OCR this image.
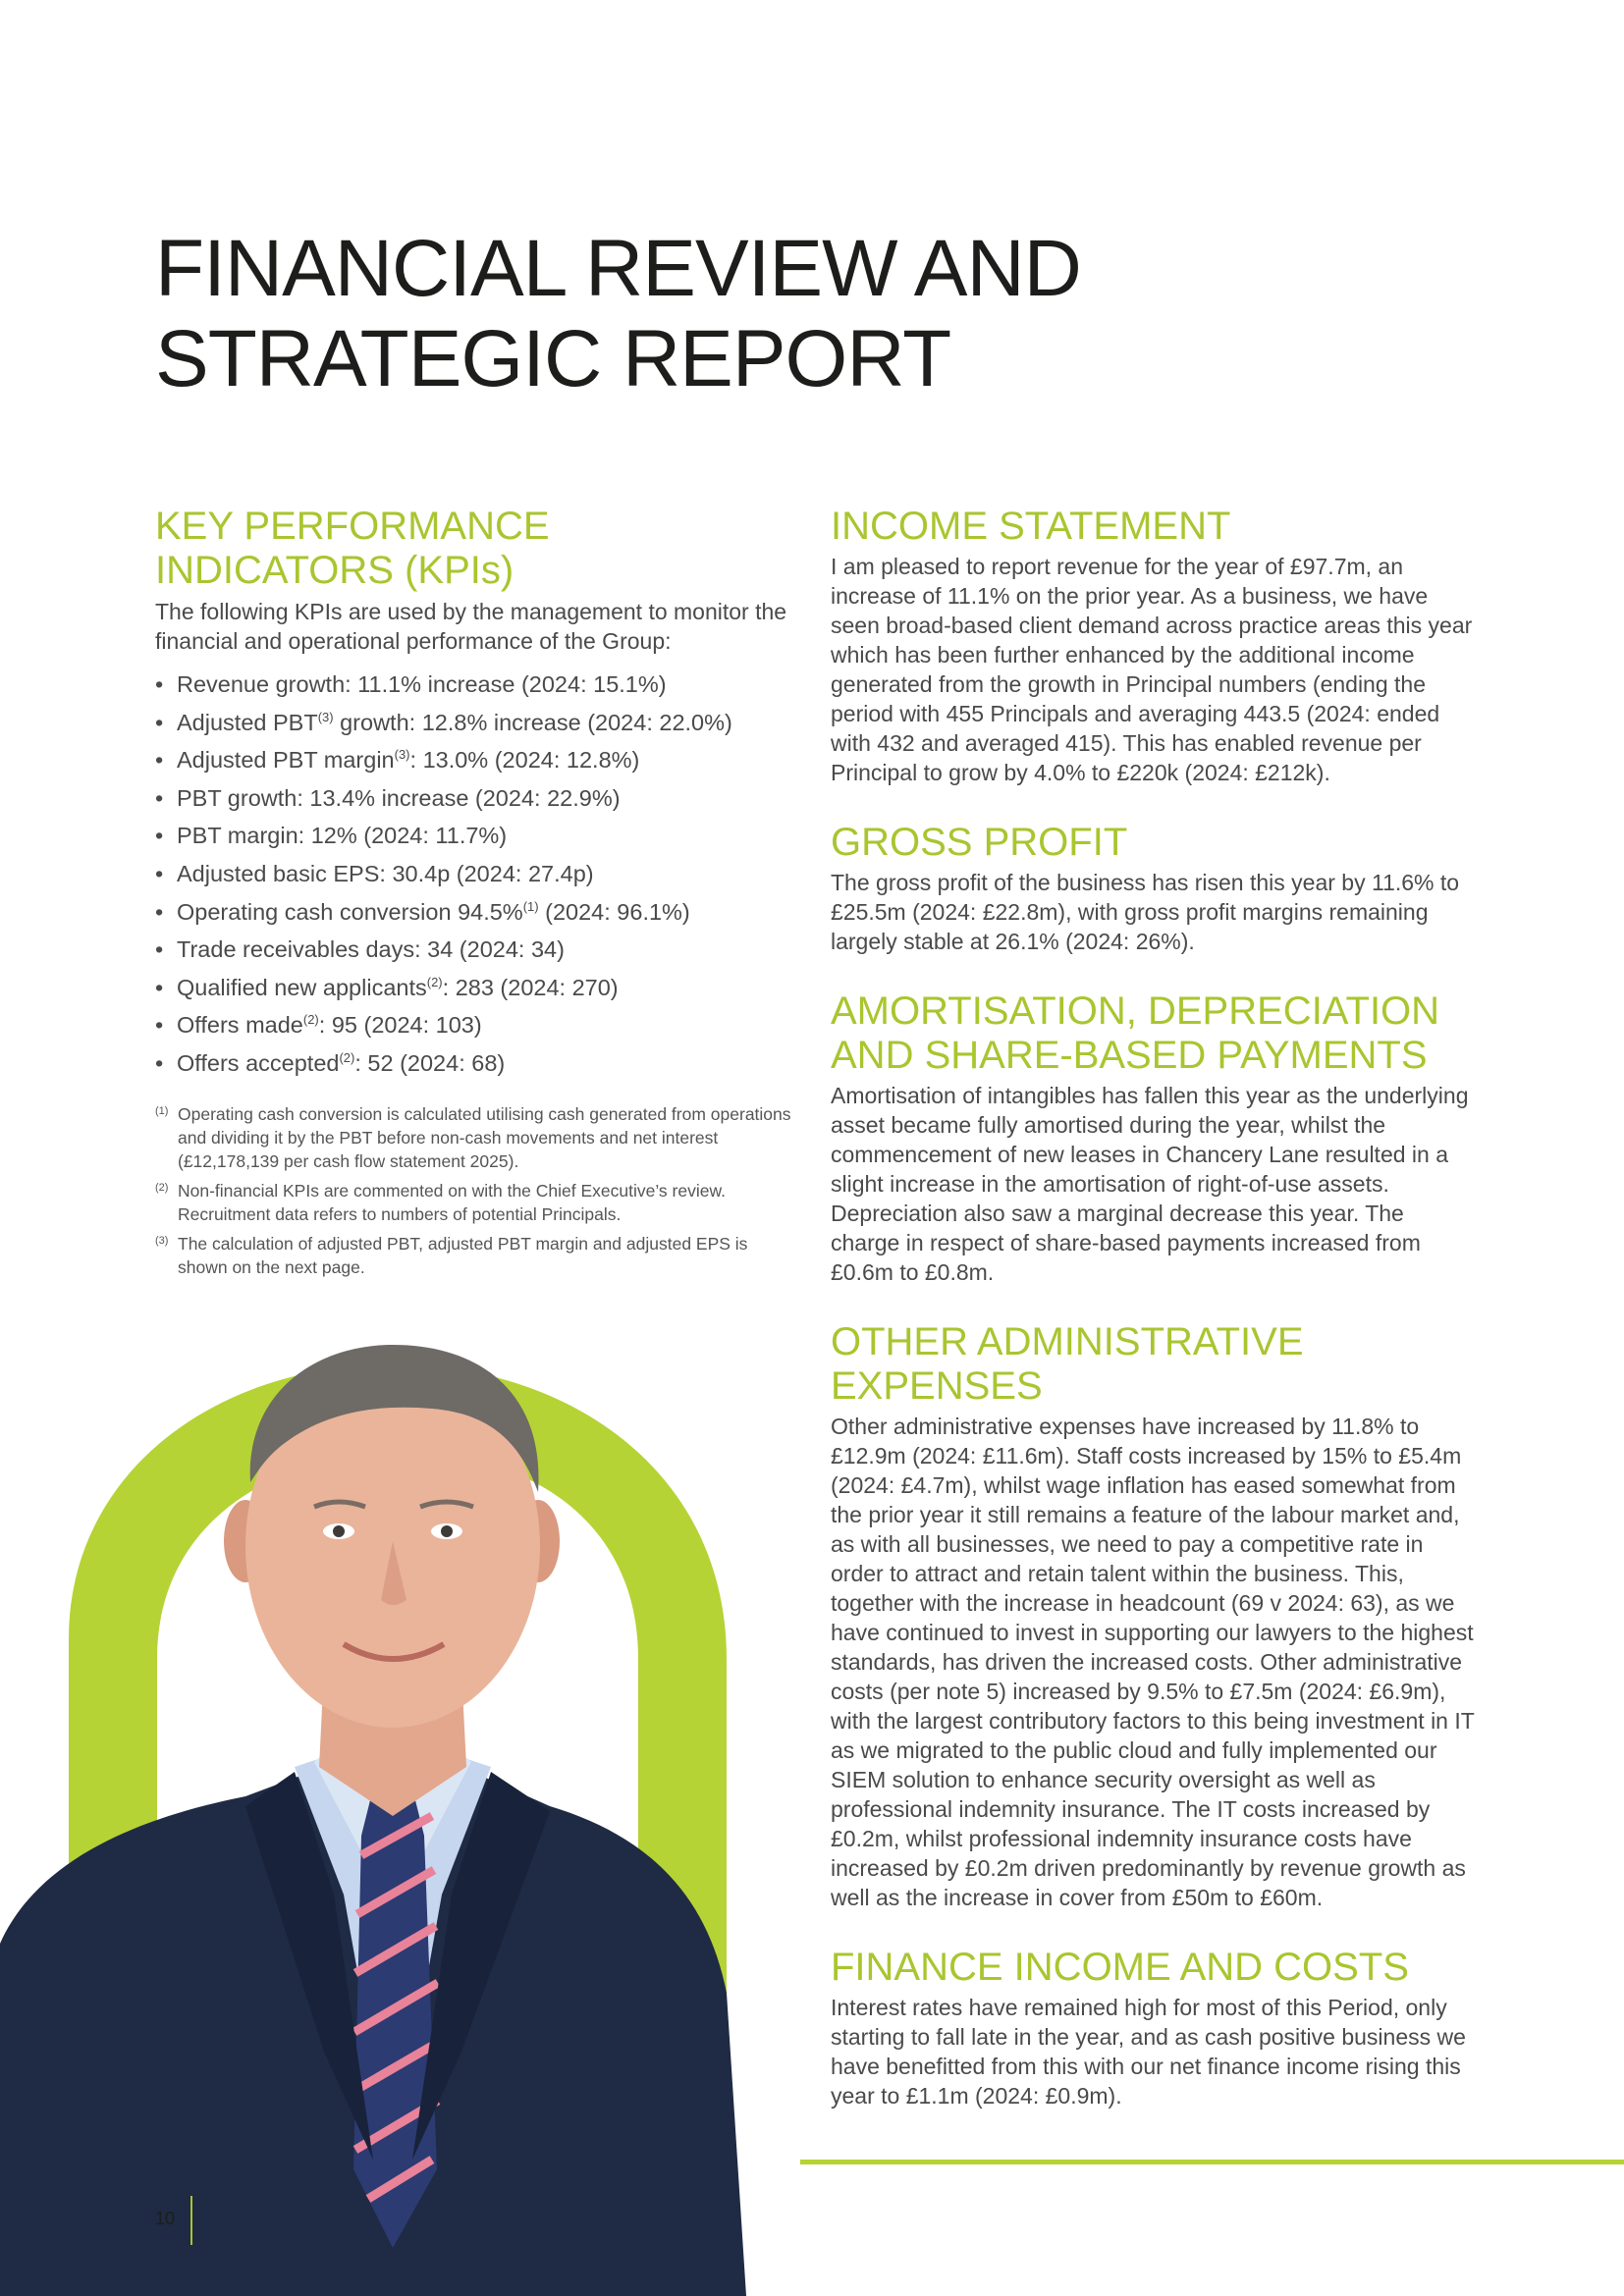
FINANCIAL REVIEW AND
STRATEGIC REPORT
KEY PERFORMANCE
INDICATORS (KPIs)

The following KPIs are used by the management to monitor the financial and operational performance of the Group:

• Revenue growth: 11.1% increase (2024: 15.1%)
• Adjusted PBT$^{(3)}$ growth: 12.8% increase (2024: 22.0%)
• Adjusted PBT margin$^{(3)}$: 13.0% (2024: 12.8%)
• PBT growth: 13.4% increase (2024: 22.9%)
• PBT margin: 12% (2024: 11.7%)
• Adjusted basic EPS: 30.4p (2024: 27.4p)
• Operating cash conversion 94.5%$^{(1)}$ (2024: 96.1%)
• Trade receivables days: 34 (2024: 34)
• Qualified new applicants$^{(2)}$: 283 (2024: 270)
• Offers made$^{(2)}$: 95 (2024: 103)
• Offers accepted$^{(2)}$: 52 (2024: 68)
(1) Operating cash conversion is calculated utilising cash generated from operations and dividing it by the PBT before non-cash movements and net interest (£12,178,139 per cash flow statement 2025).
(2) Non-financial KPIs are commented on with the Chief Executive’s review. Recruitment data refers to numbers of potential Principals.
(3) The calculation of adjusted PBT, adjusted PBT margin and adjusted EPS is shown on the next page.
INCOME STATEMENT

I am pleased to report revenue for the year of £97.7m, an increase of 11.1% on the prior year. As a business, we have seen broad-based client demand across practice areas this year which has been further enhanced by the additional income generated from the growth in Principal numbers (ending the period with 455 Principals and averaging 443.5 (2024: ended with 432 and averaged 415). This has enabled revenue per Principal to grow by 4.0% to £220k (2024: £212k).

GROSS PROFIT

The gross profit of the business has risen this year by 11.6% to £25.5m (2024: £22.8m), with gross profit margins remaining largely stable at 26.1% (2024: 26%).

AMORTISATION, DEPRECIATION
AND SHARE-BASED PAYMENTS

Amortisation of intangibles has fallen this year as the underlying asset became fully amortised during the year, whilst the commencement of new leases in Chancery Lane resulted in a slight increase in the amortisation of right-of-use assets. Depreciation also saw a marginal decrease this year. The charge in respect of share-based payments increased from £0.6m to £0.8m.

OTHER ADMINISTRATIVE
EXPENSES

Other administrative expenses have increased by 11.8% to £12.9m (2024: £11.6m). Staff costs increased by 15% to £5.4m (2024: £4.7m), whilst wage inflation has eased somewhat from the prior year it still remains a feature of the labour market and, as with all businesses, we need to pay a competitive rate in order to attract and retain talent within the business. This, together with the increase in headcount (69 v 2024: 63), as we have continued to invest in supporting our lawyers to the highest standards, has driven the increased costs. Other administrative costs (per note 5) increased by 9.5% to £7.5m (2024: £6.9m), with the largest contributory factors to this being investment in IT as we migrated to the public cloud and fully implemented our SIEM solution to enhance security oversight as well as professional indemnity insurance. The IT costs increased by £0.2m, whilst professional indemnity insurance costs have increased by £0.2m driven predominantly by revenue growth as well as the increase in cover from £50m to £60m.

FINANCE INCOME AND COSTS

Interest rates have remained high for most of this Period, only starting to fall late in the year, and as cash positive business we have benefitted from this with our net finance income rising this year to £1.1m (2024: £0.9m).

10
